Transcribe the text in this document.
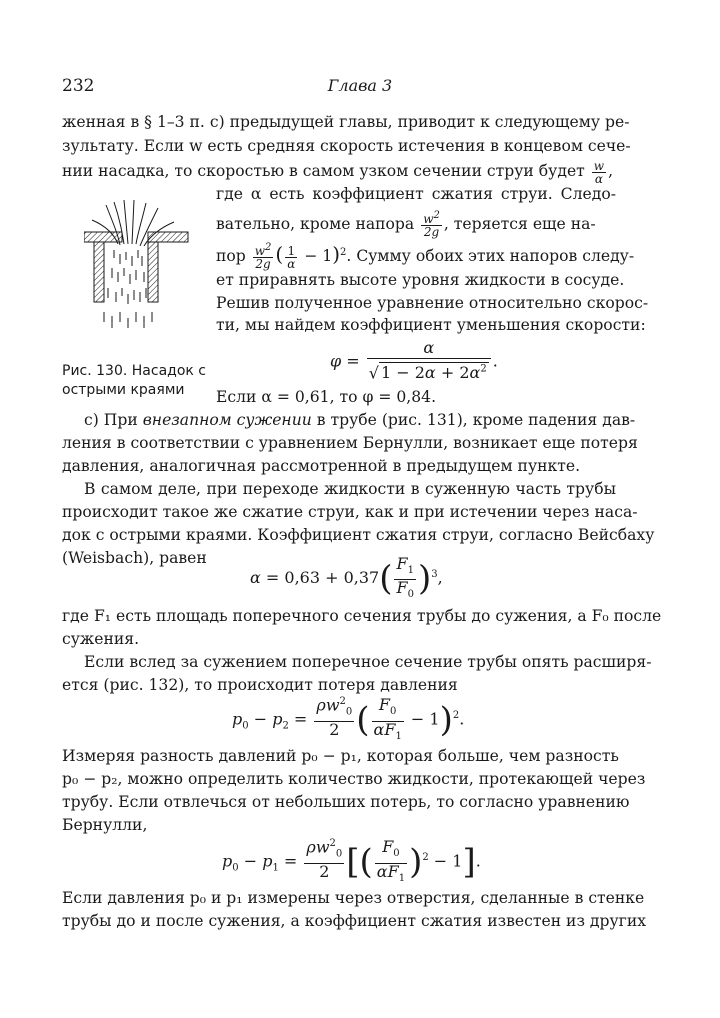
232	Глава 3
женная в § 1–3 п. с) предыдущей главы, приводит к следующему ре-
зультату. Если w есть средняя скорость истечения в концевом сече-
нии насадка, то скоростью в самом узком сечении струи будет $\frac{w}{\alpha}$ ,
где α есть коэффициент сжатия струи. Следо-
вательно, кроме напора $\frac{w^2}{2g}$ , теряется еще на-
пор $\frac{w^2}{2g}$ ( $\frac{1}{\alpha} - 1)^2$. Сумму обоих этих напоров следу-
ет приравнять высоте уровня жидкости в сосуде.
Решив полученное уравнение относительно скорос-
ти, мы найдем коэффициент уменьшения скорости:
Рис. 130. Насадок с
острыми краями
$\varphi = \frac{\alpha}{√ 1 - 2\alpha + 2\alpha^2}$ .
Если α = 0,61, то φ = 0,84.
c) При внезапном сужении в трубе (рис. 131), кроме падения дав-
ления в соответствии с уравнением Бернулли, возникает еще потеря
давления, аналогичная рассмотренной в предыдущем пункте.
В самом деле, при переходе жидкости в суженную часть трубы
происходит такое же сжатие струи, как и при истечении через наса-
док с острыми краями. Коэффициент сжатия струи, согласно Вейсбаху
(Weisbach), равен
$\alpha = 0,63 + 0,37( \frac{F_1}{F_0} )^3$,
где F₁ есть площадь поперечного сечения трубы до сужения, а F₀ после
сужения.
Если вслед за сужением поперечное сечение трубы опять расширя-
ется (рис. 132), то происходит потеря давления
$p_0 - p_2 = \frac{\rho w^2_0}{2}$ ( $\frac{F_0}{\alpha F_1} - 1)^2$.
Измеряя разность давлений p₀ − p₁, которая больше, чем разность
p₀ − p₂, можно определить количество жидкости, протекающей через
трубу. Если отвлечься от небольших потерь, то согласно уравнению
Бернулли,
$p_0 - p_1 = \frac{\rho w^2_0}{2}$ [( $\frac{F_0}{\alpha F_1} )^2 - 1$].
Если давления p₀ и p₁ измерены через отверстия, сделанные в стенке
трубы до и после сужения, а коэффициент сжатия известен из других
